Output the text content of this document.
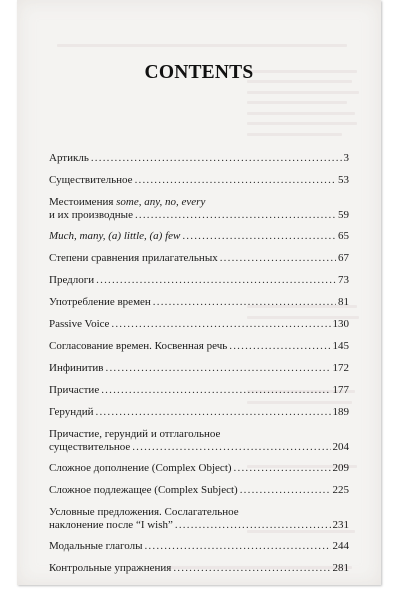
CONTENTS
Артикль .....	3
Существительное .....	53
Местоимения some, any, no, every
и их производные .....	59
Much, many, (a) little, (a) few .....	65
Степени сравнения прилагательных .....	67
Предлоги .....	73
Употребление времен .....	81
Passive Voice .....	130
Согласование времен. Косвенная речь .....	145
Инфинитив .....	172
Причастие .....	177
Герундий .....	189
Причастие, герундий и отглагольное
существительное .....	204
Сложное дополнение (Complex Object) .....	209
Сложное подлежащее (Complex Subject) .....	225
Условные предложения. Сослагательное
наклонение после “I wish” .....	231
Модальные глаголы .....	244
Контрольные упражнения .....	281
